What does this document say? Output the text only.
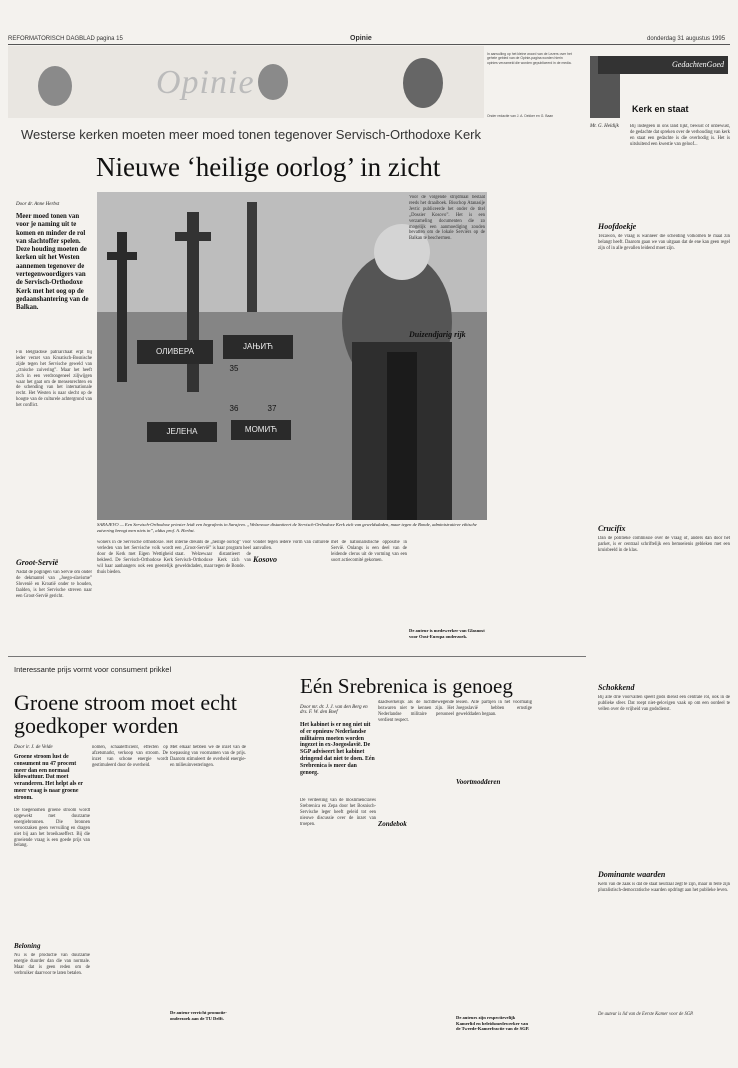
REFORMATORISCH DAGBLAD pagina 15	Opinie	donderdag 31 augustus 1995
Opinie
In aanvulling op het kleine woord van de Lezers over het gehele gebied van de Opinie-pagina worden hierin opinies verzameld die worden gepubliceerd in de media.
Onder redactie van J. A. Dekker en G. Baan
Westerse kerken moeten meer moed tonen tegenover Servisch-Orthodoxe Kerk
Nieuwe ‘heilige oorlog’ in zicht
Door dr. Anne Herbst
Meer moed tonen van voor je naming uit te komen en minder de rol van slachtoffer spelen. Deze houding moeten de kerken uit het Westen aannemen tegenover de vertegenwoordigers van de Servisch-Orthodoxe Kerk met het oog op de gedaanshantering van de Balkan.
Fin Belgradose patriarchaat erpt bij ieder verzet van Kroatisch-Bosnische zijde tegen het Servische geweld van „ctnische zuivering”. Maar het heeft zich in een verdrongeneel ziljwijgen waar het gaat om de mensenrechten en de schending van het internationale recht. Het Westen is naar slecht op de hoogte van de culturele achtergrond van het conflict.
Groot-Servië
Nadat de pogingen van Servië om onder de dekmantel van „Joego-slavisme” Slovenië en Kroatië onder te houden, faalden, is het Servische streven naar een Groot-Servië gericht.
ОЛИВЕРА
ЈАЊИЋ
ЈЕЛЕНА	МОМИЋ
35
36	37
SARAJEVO — Een Servisch-Orthodoxe priester leidt een begrafenis in Sarajevo. „Welzeswar distantieert de Servisch-Orthodoxe Kerk zich van geweldsdaden, maar tegen de Bonde, administratieve ethische zuivering brengt men niets in”, aldus prof. A. Herbst.
woners in de Servische orthodoxie. Het verleden van het Servische volk wordt door de Kerk met Eigen Wettigheid bekleed. De Servisch-Orthodoxe Kerk wil haar aanhangers ook een geestelijk thuis bieden.
interne dreunts de „heilige oorlog” voor een „Groot-Servië” is haar program heel staat. Welzewaar distantieert de Servisch-Orthodoxe Kerk zich van geweldsdaden, maar tegen de Bonde.
vonder tegen iedere vorm van culturele aanvallen.
Kosovo
met de nationalistische oppositie in Servië. Onlangs is een deel van de leidende clerus uit de vorming van een soort actiecomité gekomen.
Voor de volgende strijdmaal bestaat reeds het draaiboek. Bisschop Atanasije Jevtic publiceerde het onder de titel „Dossier Kosovo”. Het is een verzameling documenten die zo mogelijk een aanmoediging zouden bevatten om de lokale Serviërs op de Balkan te beschermen.
Duizendjarig rijk
De auteur is medewerker van Glasnost voor Oost-Europa onderzoek.
Interessante prijs vormt voor consument prikkel
Groene stroom moet echt goedkoper worden
Door ir. J. de Velde
Groene stroom lust de consument nu 47 procent meer dan een normaal kilowattuur. Dat moet veranderen. Het helpt als er meer vraag is naar groene stroom.
De toegenomen groene stroom wordt opgewekt met duurzame energiebronnen. Die bronnen veroorzaken geen vervuiling en dragen niet bij aan het broeikaseffect. Bij die groeiende vraag is een goede prijs van belang.
Beloning
Nu is de productie van duurzame energie duurder dan die van normale. Maar dat is geen reden om de verbruiker daarvoor te laten betalen.
nomen, schaalefficiënt, effecten op afzetsmarkt, verkoop van stroom. De inzet van schone energie wordt gestimuleerd door de overheid.
Met elkaar hebben we de inzet van de toepassing van voornamen van de prijs. Daarom stimuleert de overheid energie- en milieuinvesteringen.
De auteur verricht promotie-onderzoek aan de TU Delft.
Eén Srebrenica is genoeg
Door mr. dr. J. J. van den Berg en drs. F. W. den Boef
Het kabinet is er nog niet uit of er opnieuw Nederlandse militairen moeten worden ingezet in ex-Joegoslavië. De SGP adviseert het kabinet dringend dat niet te doen. Eén Srebrenica is meer dan genoeg.
De verdeeling van de moslimenclaves Srebrenica en Zepa door het Bosnisch-Servische leger heeft geleid tot een nieuwe discussie over de inzet van troepen.
daadwerkelijk als de luchtbewegende bezwaren niet te kennen zijn. Het Nederlandse militaire personeel verdient respect.
Zondebok
lessen. Alle partijen in het voormalig Joegoslavië hebben ernstige gewelddaden begaan.
Voortmodderen
De auteurs zijn respectievelijk Kamerlid en beleidsmedewerker van de Tweede-Kamerfractie van de SGP.
GedachtenGoed
Kerk en staat
Mr. G. Heldijk Bij instegeen in ons land lijkt, bewust of onbewust, de gedachte dat spreken over de verhouding van kerk en staat een gedachte is die overbodig is. Het is uitsluitend een kwestie van geloof...
Hoofdoekje
Tezawon, de vraag is wanneer die scheiding volkomen te maal zin belangt heeft. Daarom gaan we van uitgaan dat de ene kan geen regel zijn of in alle gevallen leidend moet zijn.
Crucifix
Dan de politieke commissie over de vraag of, anders dan door het parket, is er centraal schriftelijk een bemoeienis gebleken met een kruisbeeld in de klas.
Schokkend
Bij alle drie voorvallen speelt gods dienst een centrale rol, ook in de publieke sfeer. Dat roept niet-gelovigen vaak op om een oordeel te vellen over de vrijheid van godsdienst.
Dominante waarden
Kern van de zaak is dat de staat neutraal zegt te zijn, maar in feite zijn pluralistisch-democratische waarden opdringt aan het publieke leven.
De auteur is lid van de Eerste Kamer voor de SGP.
